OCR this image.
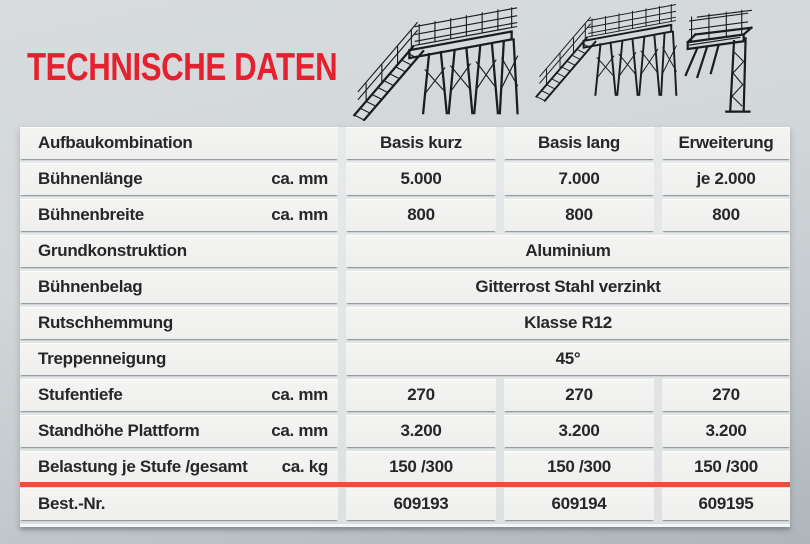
TECHNISCHE DATEN
Aufbaukombination	Basis kurz	Basis lang	Erweiterung
Bühnenlänge	ca. mm	5.000	7.000	je 2.000
Bühnenbreite	ca. mm	800	800	800
Grundkonstruktion	Aluminium
Bühnenbelag	Gitterrost Stahl verzinkt
Rutschhemmung	Klasse R12
Treppenneigung	45°
Stufentiefe	ca. mm	270	270	270
Standhöhe Plattform	ca. mm	3.200	3.200	3.200
Belastung je Stufe /gesamt ca. kg	150 /300	150 /300	150 /300
Best.-Nr.	609193	609194	609195
